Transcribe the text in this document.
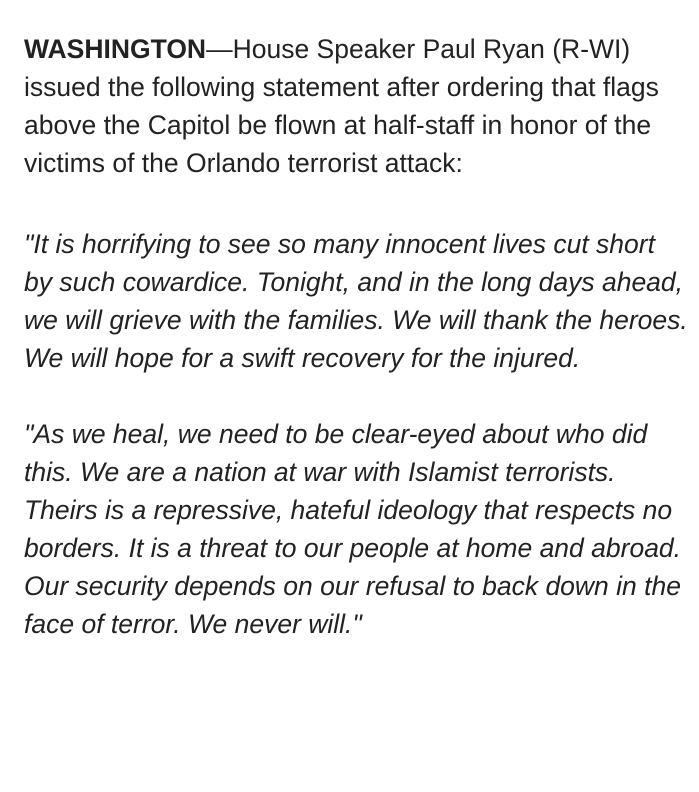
WASHINGTON—House Speaker Paul Ryan (R-WI) issued the following statement after ordering that flags above the Capitol be flown at half-staff in honor of the victims of the Orlando terrorist attack:

"It is horrifying to see so many innocent lives cut short by such cowardice. Tonight, and in the long days ahead, we will grieve with the families. We will thank the heroes. We will hope for a swift recovery for the injured.

"As we heal, we need to be clear-eyed about who did this. We are a nation at war with Islamist terrorists. Theirs is a repressive, hateful ideology that respects no borders. It is a threat to our people at home and abroad. Our security depends on our refusal to back down in the face of terror. We never will."
